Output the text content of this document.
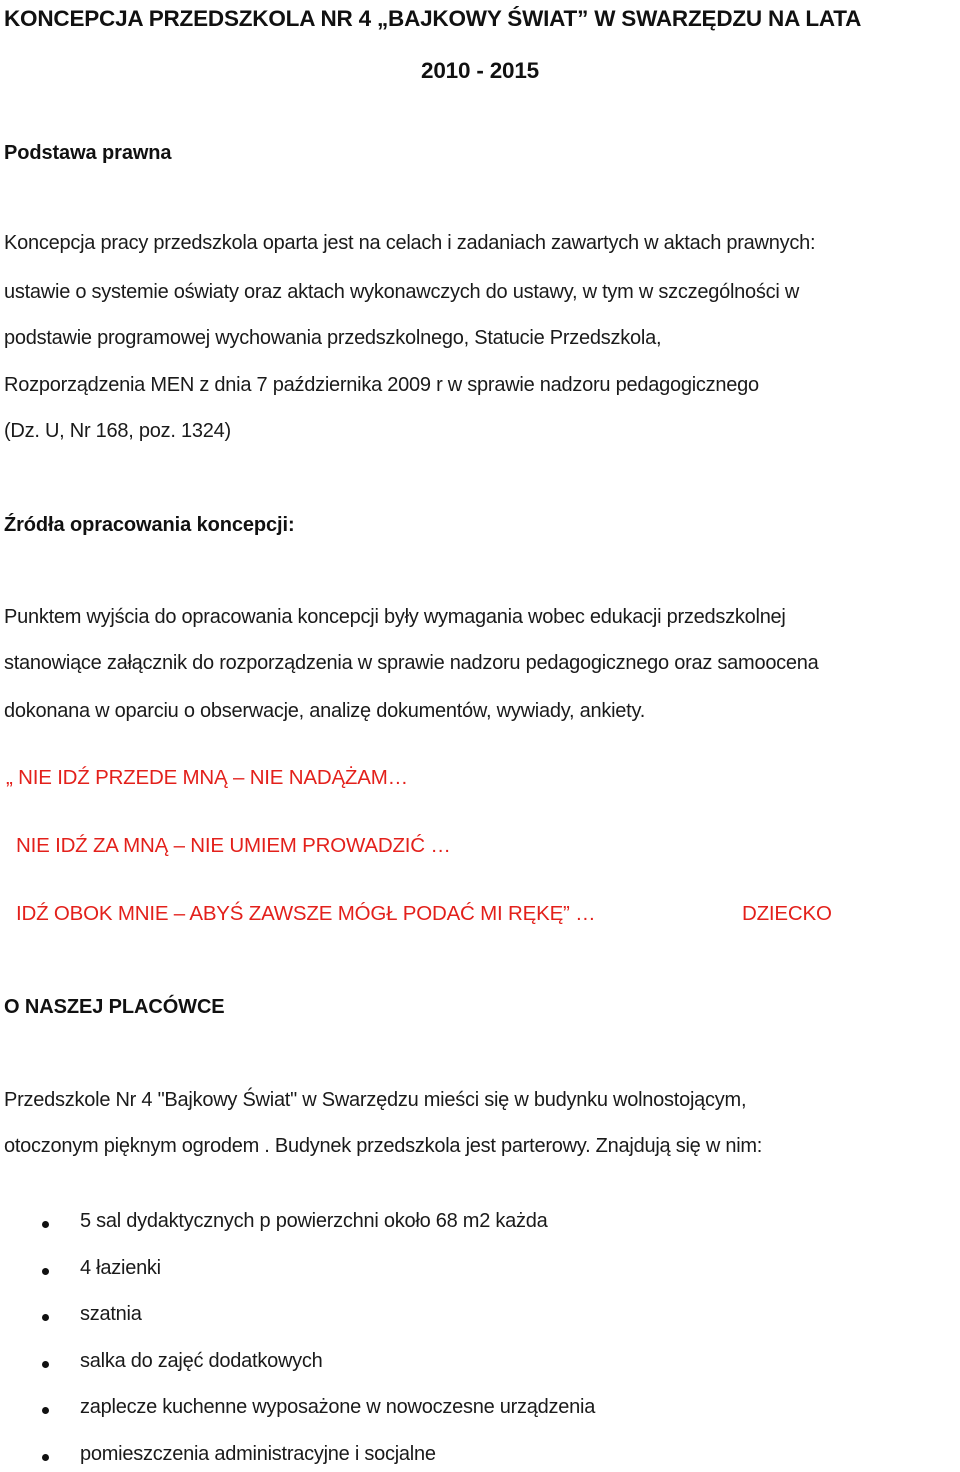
KONCEPCJA PRZEDSZKOLA NR 4 „BAJKOWY ŚWIAT” W SWARZĘDZU NA LATA
2010 - 2015
Podstawa prawna
Koncepcja pracy przedszkola oparta jest na celach i zadaniach zawartych w aktach prawnych:
ustawie o systemie oświaty oraz aktach wykonawczych do ustawy, w tym w szczególności w
podstawie programowej wychowania przedszkolnego, Statucie Przedszkola,
Rozporządzenia MEN z dnia 7 października 2009 r w sprawie nadzoru pedagogicznego
(Dz. U, Nr 168, poz. 1324)
Źródła opracowania koncepcji:
Punktem wyjścia do opracowania koncepcji były wymagania wobec edukacji przedszkolnej
stanowiące załącznik do rozporządzenia w sprawie nadzoru pedagogicznego oraz samoocena
dokonana w oparciu o obserwacje, analizę dokumentów, wywiady, ankiety.
„ NIE IDŹ PRZEDE MNĄ – NIE NADĄŻAM…
NIE IDŹ ZA MNĄ – NIE UMIEM PROWADZIĆ …
IDŹ OBOK MNIE – ABYŚ ZAWSZE MÓGŁ PODAĆ MI RĘKĘ” …	DZIECKO
O NASZEJ PLACÓWCE
Przedszkole Nr 4 "Bajkowy Świat" w Swarzędzu mieści się w budynku wolnostojącym,
otoczonym pięknym ogrodem . Budynek przedszkola jest parterowy. Znajdują się w nim:
5 sal dydaktycznych p powierzchni około 68 m2 każda
4 łazienki
szatnia
salka do zajęć dodatkowych
zaplecze kuchenne wyposażone w nowoczesne urządzenia
pomieszczenia administracyjne i socjalne
